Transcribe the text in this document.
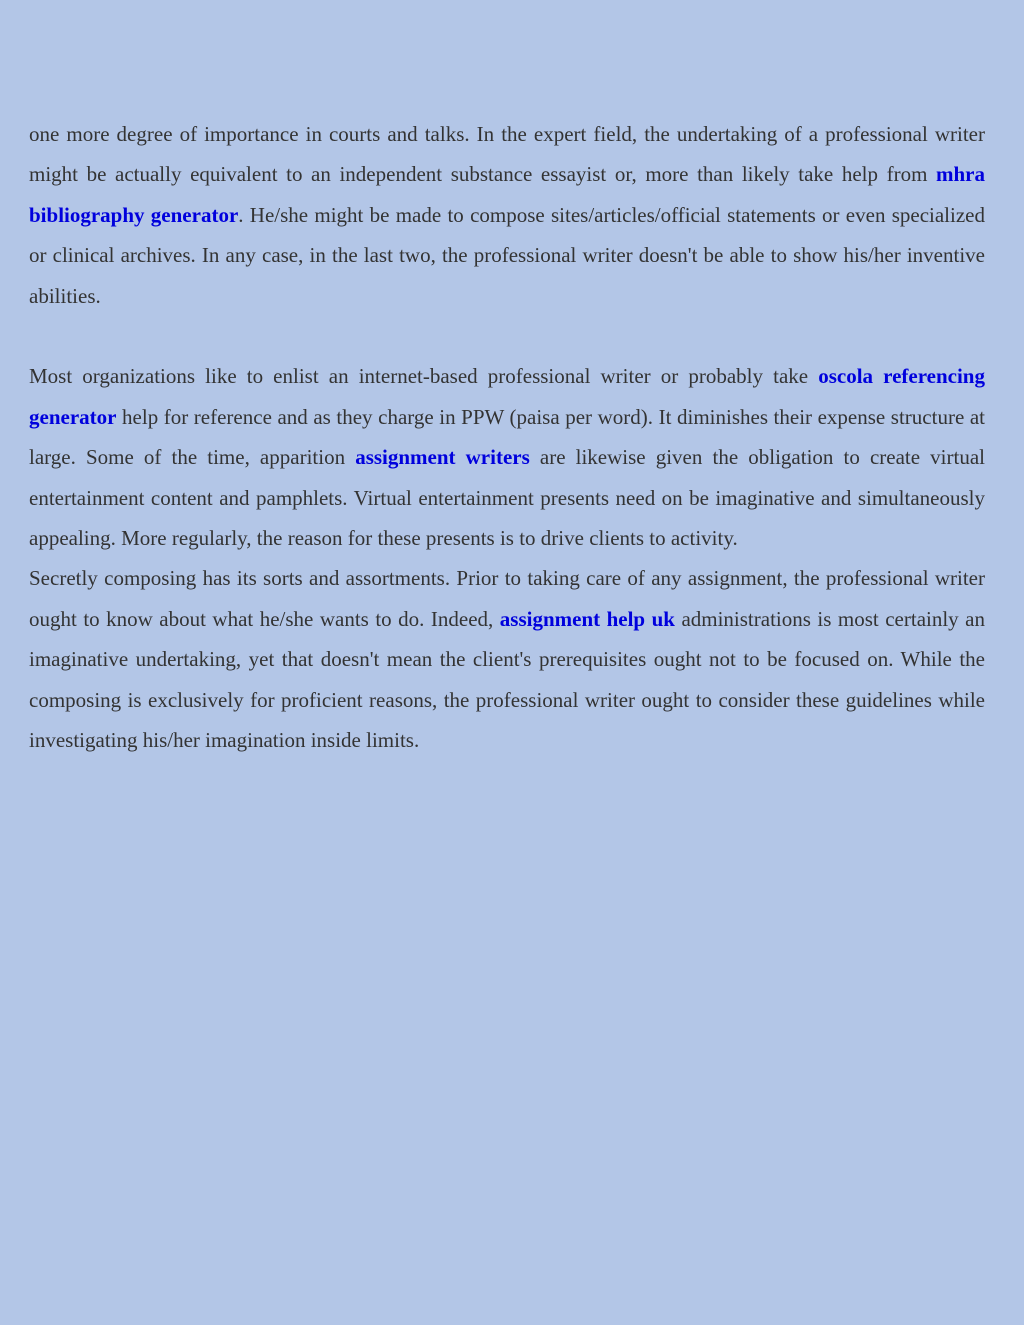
one more degree of importance in courts and talks. In the expert field, the undertaking of a professional writer might be actually equivalent to an independent substance essayist or, more than likely take help from mhra bibliography generator. He/she might be made to compose sites/articles/official statements or even specialized or clinical archives. In any case, in the last two, the professional writer doesn't be able to show his/her inventive abilities.

Most organizations like to enlist an internet-based professional writer or probably take oscola referencing generator help for reference and as they charge in PPW (paisa per word). It diminishes their expense structure at large. Some of the time, apparition assignment writers are likewise given the obligation to create virtual entertainment content and pamphlets. Virtual entertainment presents need on be imaginative and simultaneously appealing. More regularly, the reason for these presents is to drive clients to activity.

Secretly composing has its sorts and assortments. Prior to taking care of any assignment, the professional writer ought to know about what he/she wants to do. Indeed, assignment help uk administrations is most certainly an imaginative undertaking, yet that doesn't mean the client's prerequisites ought not to be focused on. While the composing is exclusively for proficient reasons, the professional writer ought to consider these guidelines while investigating his/her imagination inside limits.
